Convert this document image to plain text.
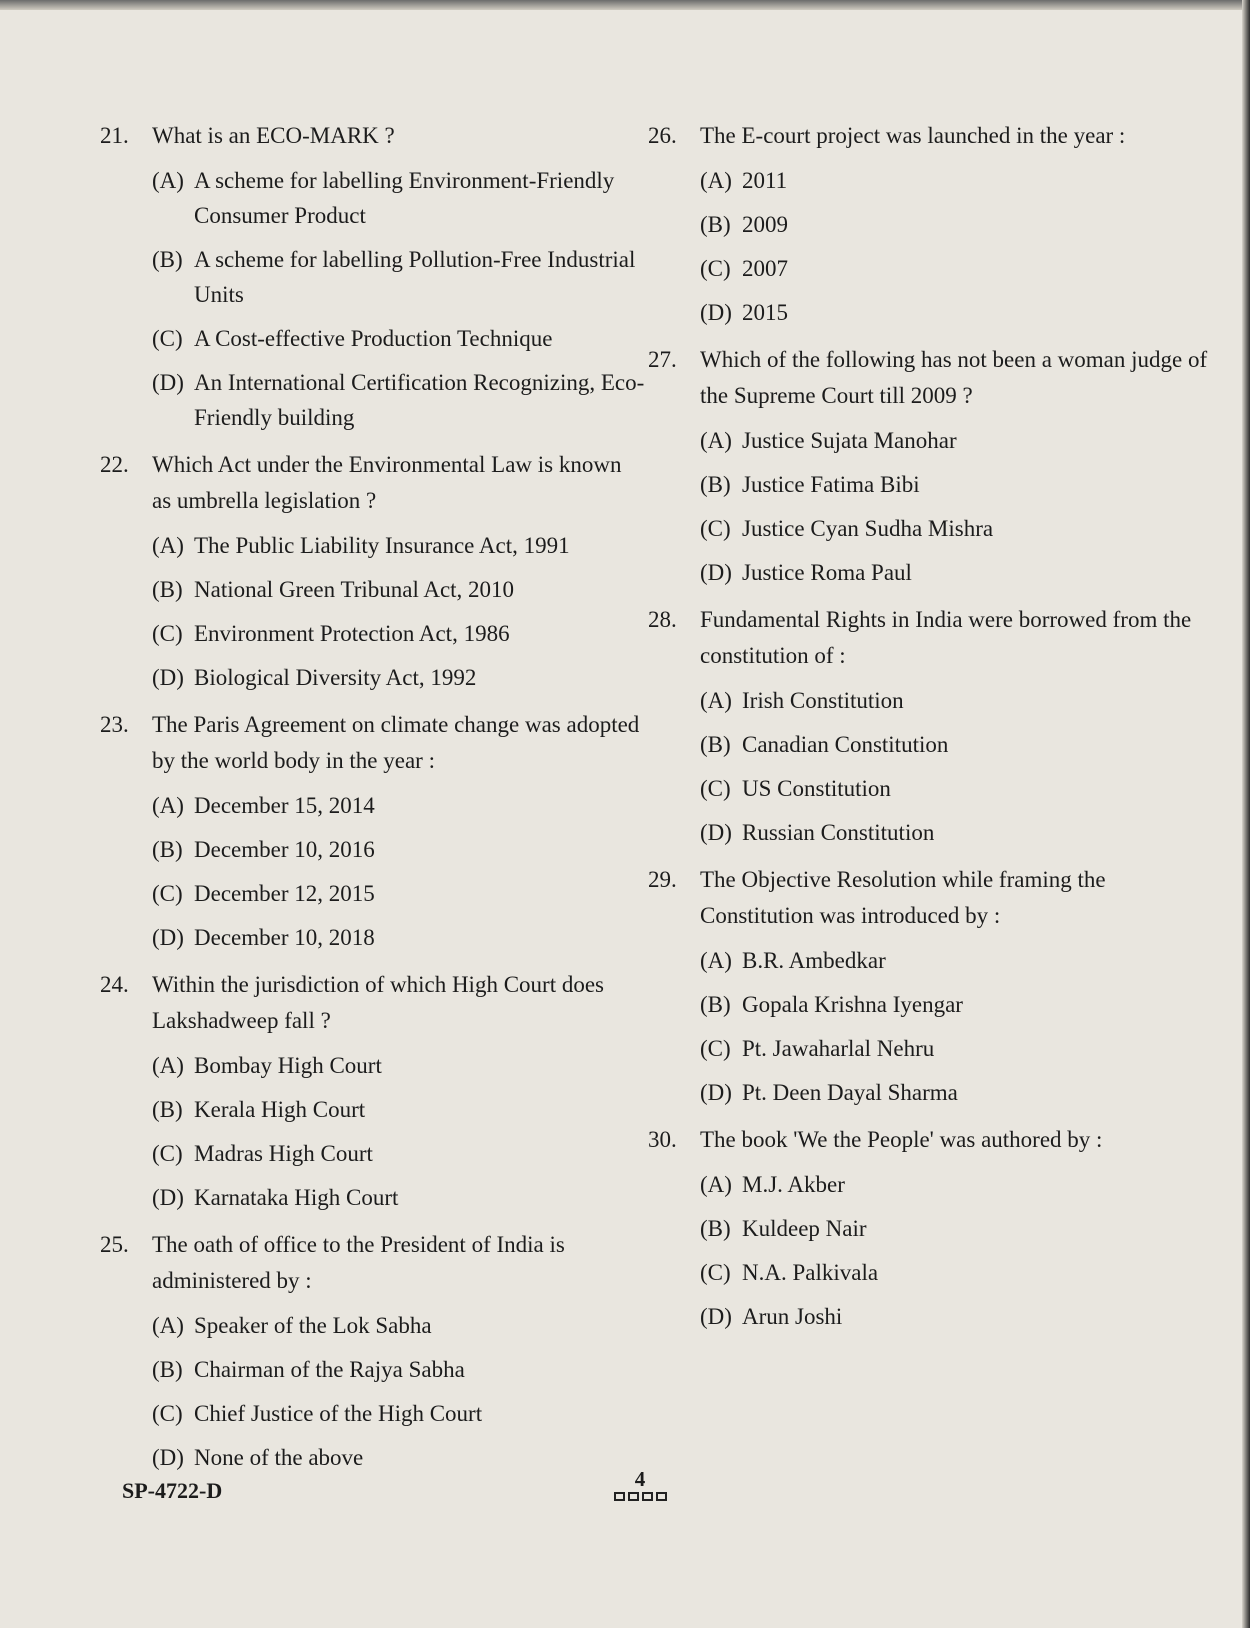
21.	What is an ECO-MARK ?
(A) A scheme for labelling Environment-Friendly Consumer Product
(B) A scheme for labelling Pollution-Free Industrial Units
(C) A Cost-effective Production Technique
(D) An International Certification Recognizing, Eco-Friendly building
22.	Which Act under the Environmental Law is known as umbrella legislation ?
(A) The Public Liability Insurance Act, 1991
(B) National Green Tribunal Act, 2010
(C) Environment Protection Act, 1986
(D) Biological Diversity Act, 1992
23.	The Paris Agreement on climate change was adopted by the world body in the year :
(A) December 15, 2014
(B) December 10, 2016
(C) December 12, 2015
(D) December 10, 2018
24.	Within the jurisdiction of which High Court does Lakshadweep fall ?
(A) Bombay High Court
(B) Kerala High Court
(C) Madras High Court
(D) Karnataka High Court
25.	The oath of office to the President of India is administered by :
(A) Speaker of the Lok Sabha
(B) Chairman of the Rajya Sabha
(C) Chief Justice of the High Court
(D) None of the above
26.	The E-court project was launched in the year :
(A) 2011
(B) 2009
(C) 2007
(D) 2015
27.	Which of the following has not been a woman judge of the Supreme Court till 2009 ?
(A) Justice Sujata Manohar
(B) Justice Fatima Bibi
(C) Justice Cyan Sudha Mishra
(D) Justice Roma Paul
28.	Fundamental Rights in India were borrowed from the constitution of :
(A) Irish Constitution
(B) Canadian Constitution
(C) US Constitution
(D) Russian Constitution
29.	The Objective Resolution while framing the Constitution was introduced by :
(A) B.R. Ambedkar
(B) Gopala Krishna Iyengar
(C) Pt. Jawaharlal Nehru
(D) Pt. Deen Dayal Sharma
30.	The book 'We the People' was authored by :
(A) M.J. Akber
(B) Kuldeep Nair
(C) N.A. Palkivala
(D) Arun Joshi
SP-4722-D	4
